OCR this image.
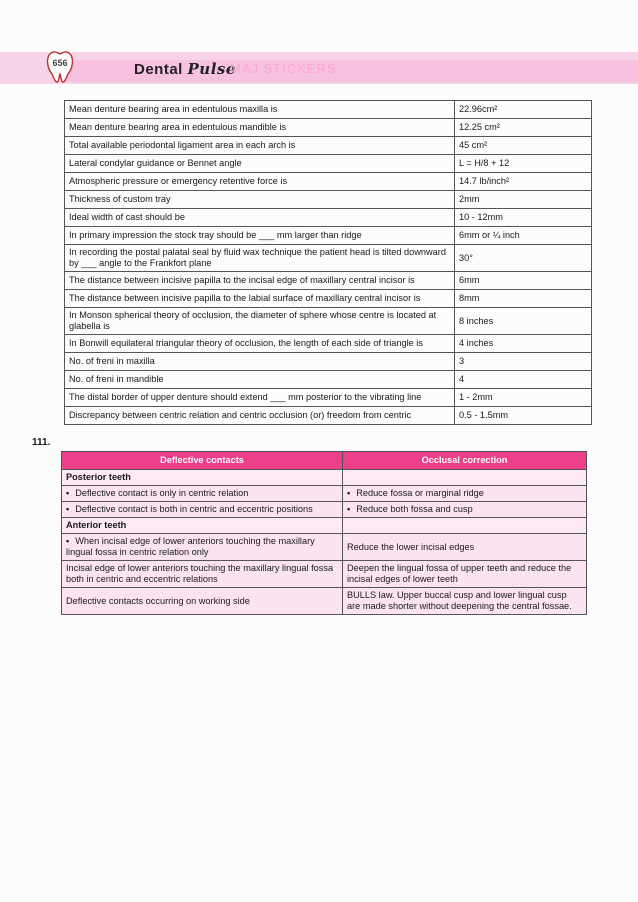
656	Dental Pulse
MAJ STICKERS
Mean denture bearing area in edentulous maxilla is	22.96cm²
Mean denture bearing area in edentulous mandible is	12.25 cm²
Total available periodontal ligament area in each arch is	45 cm²
Lateral condylar guidance or Bennet angle	L = H/8 + 12
Atmospheric pressure or emergency retentive force is	14.7 lb/inch²
Thickness of custom tray	2mm
Ideal width of cast should be	10 - 12mm
In primary impression the stock tray should be ___ mm larger than ridge	6mm or ¼ inch
In recording the postal palatal seal by fluid wax technique the patient head is tilted downward by ___ angle to the Frankfort plane	30°
The distance between incisive papilla to the incisal edge of maxillary central incisor is	6mm
The distance between incisive papilla to the labial surface of maxillary central incisor is	8mm
In Monson spherical theory of occlusion, the diameter of sphere whose centre is located at glabella is	8 inches
In Bonwill equilateral triangular theory of occlusion, the length of each side of triangle is	4 inches
No. of freni in maxilla	3
No. of freni in mandible	4
The distal border of upper denture should extend ___ mm posterior to the vibrating line	1 - 2mm
Discrepancy between centric relation and centric occlusion (or) freedom from centric	0.5 - 1.5mm
111.
Deflective contacts	Occlusal correction
Posterior teeth	
• Deflective contact is only in centric relation	• Reduce fossa or marginal ridge
• Deflective contact is both in centric and eccentric positions	• Reduce both fossa and cusp
Anterior teeth	
• When incisal edge of lower anteriors touching the maxillary lingual fossa in centric relation only	Reduce the lower incisal edges
Incisal edge of lower anteriors touching the maxillary lingual fossa both in centric and eccentric relations	Deepen the lingual fossa of upper teeth and reduce the incisal edges of lower teeth
Deflective contacts occurring on working side	BULLS law. Upper buccal cusp and lower lingual cusp are made shorter without deepening the central fossae.
